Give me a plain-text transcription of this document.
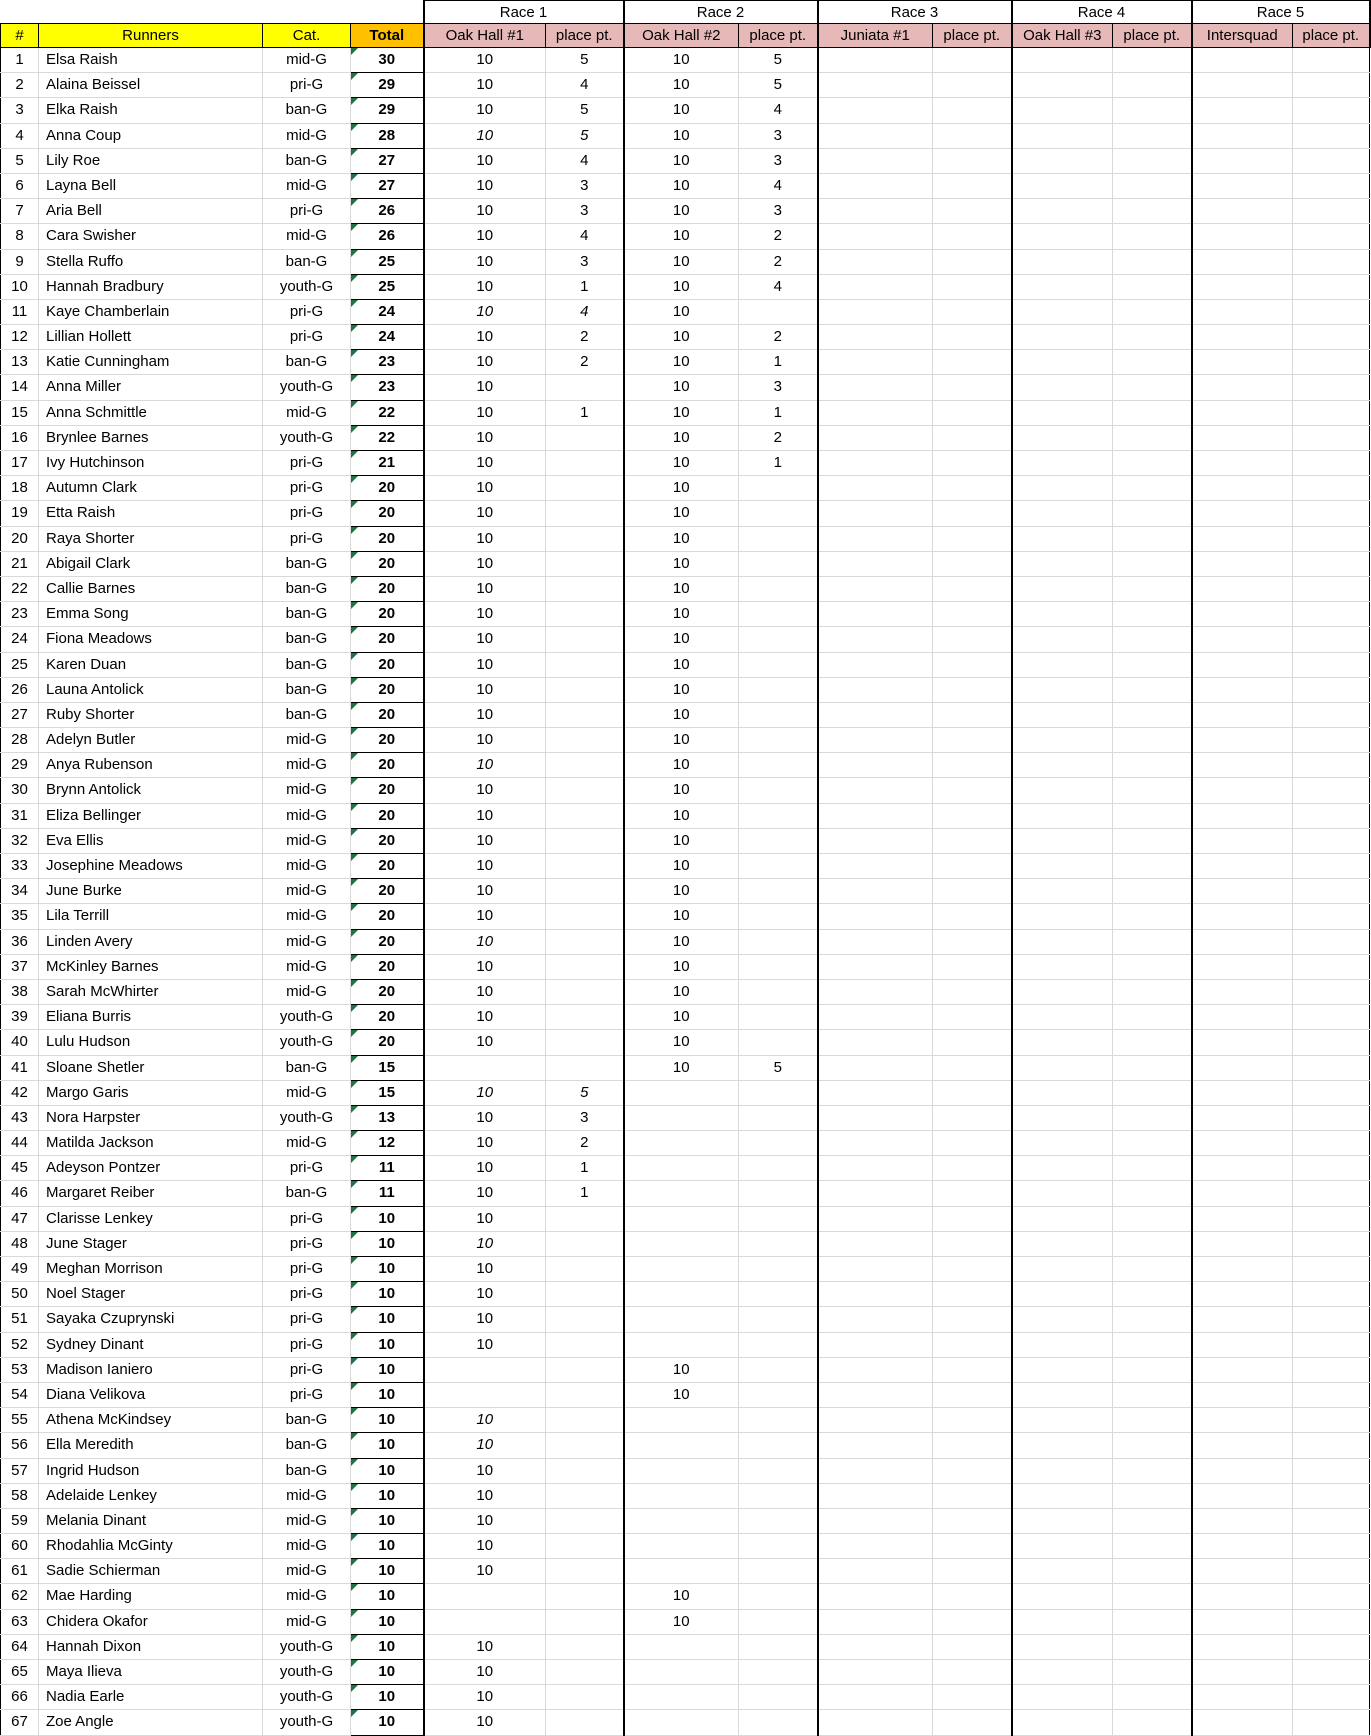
				Race 1		Race 2		Race 3		Race 4		Race 5	
#	Runners	Cat.	Total	Oak Hall #1	place pt.	Oak Hall #2	place pt.	Juniata #1	place pt.	Oak Hall #3	place pt.	Intersquad	place pt.
1	Elsa Raish	mid-G	30	10	5	10	5						
2	Alaina Beissel	pri-G	29	10	4	10	5						
3	Elka Raish	ban-G	29	10	5	10	4						
4	Anna Coup	mid-G	28	10	5	10	3						
5	Lily Roe	ban-G	27	10	4	10	3						
6	Layna Bell	mid-G	27	10	3	10	4						
7	Aria Bell	pri-G	26	10	3	10	3						
8	Cara Swisher	mid-G	26	10	4	10	2						
9	Stella Ruffo	ban-G	25	10	3	10	2						
10	Hannah Bradbury	youth-G	25	10	1	10	4						
11	Kaye Chamberlain	pri-G	24	10	4	10							
12	Lillian Hollett	pri-G	24	10	2	10	2						
13	Katie Cunningham	ban-G	23	10	2	10	1						
14	Anna Miller	youth-G	23	10		10	3						
15	Anna Schmittle	mid-G	22	10	1	10	1						
16	Brynlee Barnes	youth-G	22	10		10	2						
17	Ivy Hutchinson	pri-G	21	10		10	1						
18	Autumn Clark	pri-G	20	10		10							
19	Etta Raish	pri-G	20	10		10							
20	Raya Shorter	pri-G	20	10		10							
21	Abigail Clark	ban-G	20	10		10							
22	Callie Barnes	ban-G	20	10		10							
23	Emma Song	ban-G	20	10		10							
24	Fiona Meadows	ban-G	20	10		10							
25	Karen Duan	ban-G	20	10		10							
26	Launa Antolick	ban-G	20	10		10							
27	Ruby Shorter	ban-G	20	10		10							
28	Adelyn Butler	mid-G	20	10		10							
29	Anya Rubenson	mid-G	20	10		10							
30	Brynn Antolick	mid-G	20	10		10							
31	Eliza Bellinger	mid-G	20	10		10							
32	Eva Ellis	mid-G	20	10		10							
33	Josephine Meadows	mid-G	20	10		10							
34	June Burke	mid-G	20	10		10							
35	Lila Terrill	mid-G	20	10		10							
36	Linden Avery	mid-G	20	10		10							
37	McKinley Barnes	mid-G	20	10		10							
38	Sarah McWhirter	mid-G	20	10		10							
39	Eliana Burris	youth-G	20	10		10							
40	Lulu Hudson	youth-G	20	10		10							
41	Sloane Shetler	ban-G	15			10	5						
42	Margo Garis	mid-G	15	10	5								
43	Nora Harpster	youth-G	13	10	3								
44	Matilda Jackson	mid-G	12	10	2								
45	Adeyson Pontzer	pri-G	11	10	1								
46	Margaret Reiber	ban-G	11	10	1								
47	Clarisse Lenkey	pri-G	10	10									
48	June Stager	pri-G	10	10									
49	Meghan Morrison	pri-G	10	10									
50	Noel Stager	pri-G	10	10									
51	Sayaka Czuprynski	pri-G	10	10									
52	Sydney Dinant	pri-G	10	10									
53	Madison Ianiero	pri-G	10			10							
54	Diana Velikova	pri-G	10			10							
55	Athena McKindsey	ban-G	10	10									
56	Ella Meredith	ban-G	10	10									
57	Ingrid Hudson	ban-G	10	10									
58	Adelaide Lenkey	mid-G	10	10									
59	Melania Dinant	mid-G	10	10									
60	Rhodahlia McGinty	mid-G	10	10									
61	Sadie Schierman	mid-G	10	10									
62	Mae Harding	mid-G	10			10							
63	Chidera Okafor	mid-G	10			10							
64	Hannah Dixon	youth-G	10	10									
65	Maya Ilieva	youth-G	10	10									
66	Nadia Earle	youth-G	10	10									
67	Zoe Angle	youth-G	10	10									
